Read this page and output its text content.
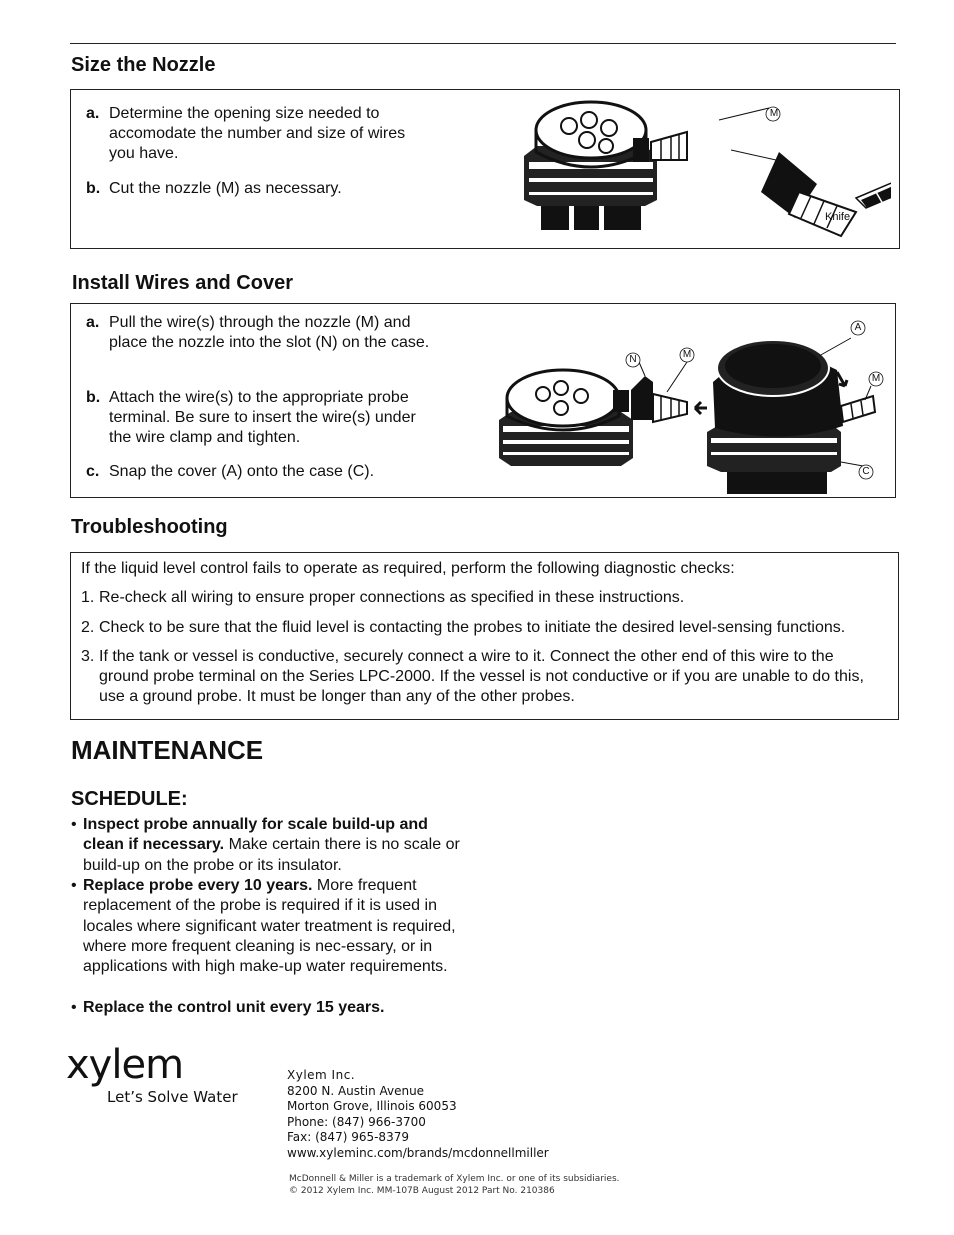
Size the Nozzle
a. Determine the opening size needed to accomodate the number and size of wires you have.
b. Cut the nozzle (M) as necessary.
M
Knife
Install Wires and Cover
a. Pull the wire(s) through the nozzle (M) and place the nozzle into the slot (N) on the case.
b. Attach the wire(s) to the appropriate probe terminal. Be sure to insert the wire(s) under the wire clamp and tighten.
c. Snap the cover (A) onto the case (C).
N	M
A
M
C
Troubleshooting
If the liquid level control fails to operate as required, perform the following diagnostic checks:
1. Re-check all wiring to ensure proper connections as specified in these instructions.
2. Check to be sure that the fluid level is contacting the probes to initiate the desired level-sensing functions.
3. If the tank or vessel is conductive, securely connect a wire to it. Connect the other end of this wire to the ground probe terminal on the Series LPC-2000. If the vessel is not conductive or if you are unable to do this, use a ground probe. It must be longer than any of the other probes.
MAINTENANCE
SCHEDULE:
• Inspect probe annually for scale build-up and clean if necessary. Make certain there is no scale or build-up on the probe or its insulator.
• Replace probe every 10 years. More frequent replacement of the probe is required if it is used in locales where significant water treatment is required, where more frequent cleaning is nec-essary, or in applications with high make-up water requirements.
• Replace the control unit every 15 years.
xylem
Let’s Solve Water
Xylem Inc.
8200 N. Austin Avenue
Morton Grove, Illinois 60053
Phone: (847) 966-3700
Fax: (847) 965-8379
www.xyleminc.com/brands/mcdonnellmiller
McDonnell & Miller is a trademark of Xylem Inc. or one of its subsidiaries.
© 2012 Xylem Inc. MM-107B August 2012 Part No. 210386
